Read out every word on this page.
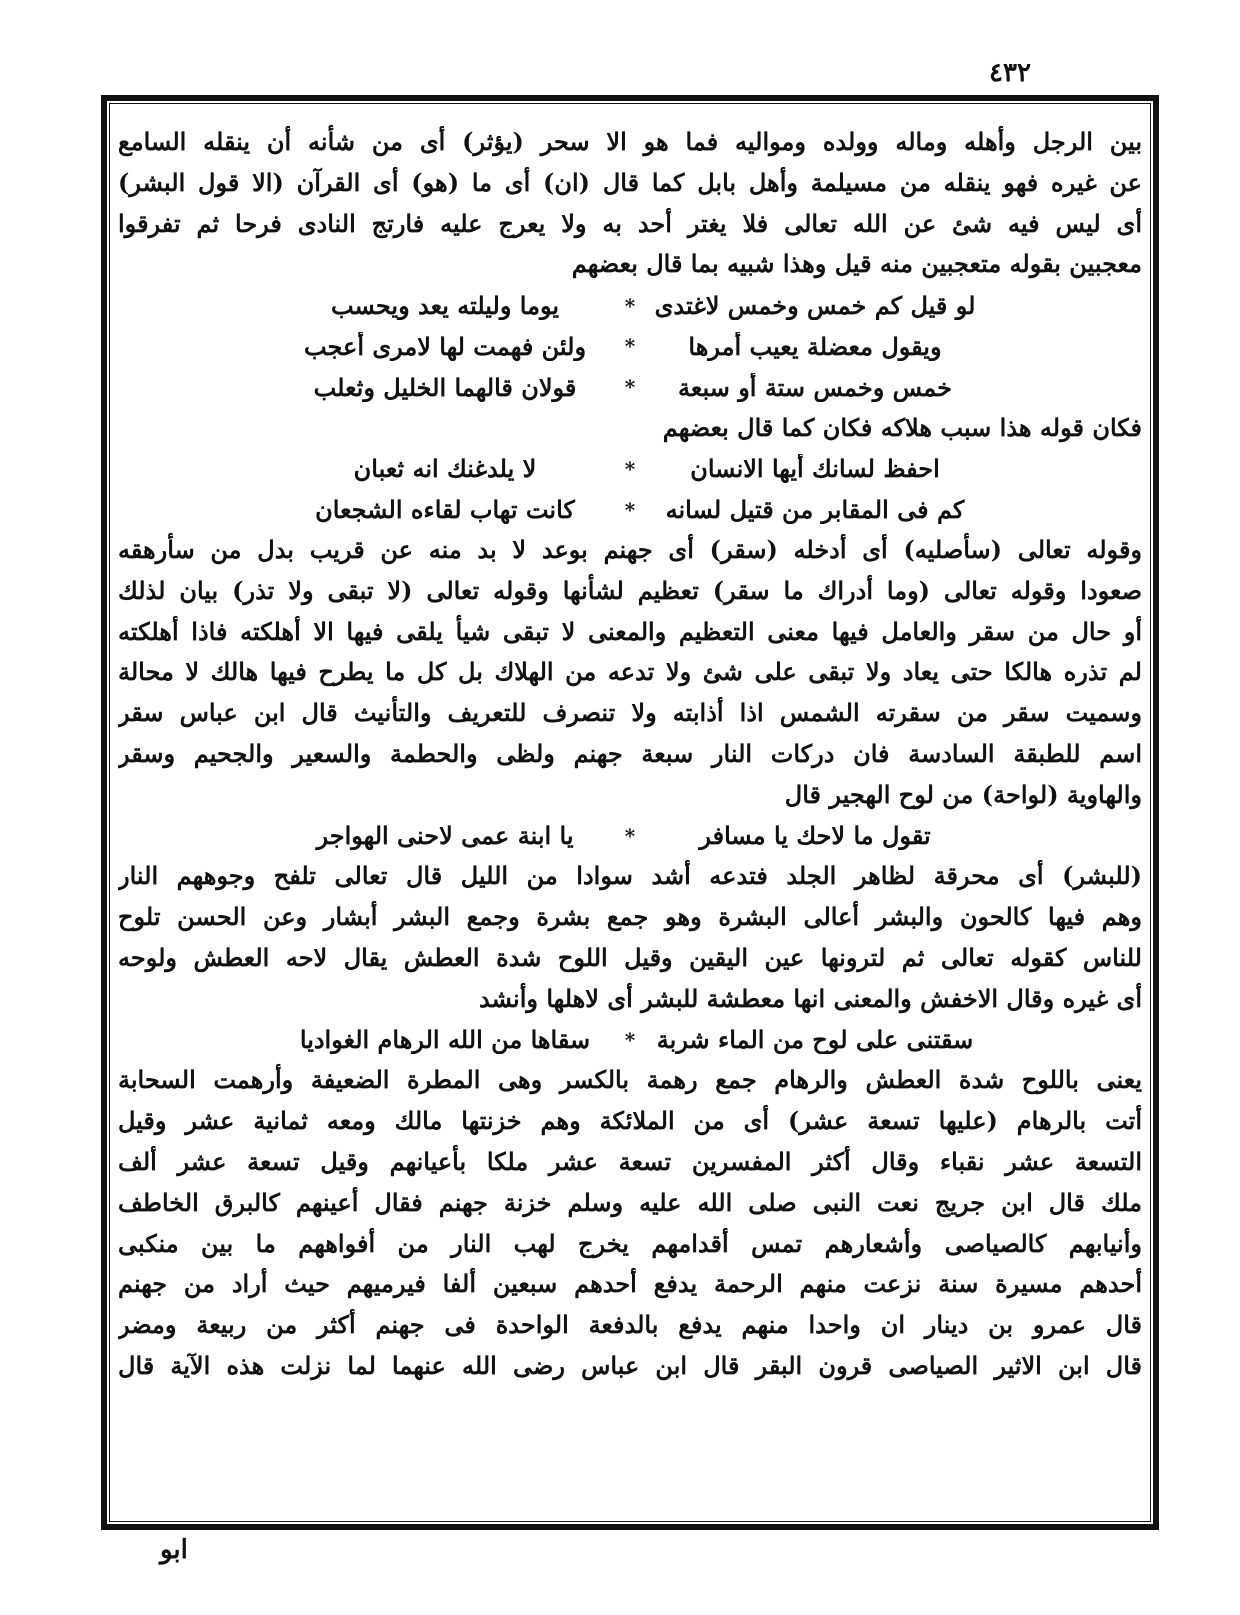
٤٣٢
بين الرجل وأهله وماله وولده ومواليه فما هو الا سحر (يؤثر) أى من شأنه أن ينقله السامع
عن غيره فهو ينقله من مسيلمة وأهل بابل كما قال (ان) أى ما (هو) أى القرآن (الا قول البشر)
أى ليس فيه شئ عن الله تعالى فلا يغتر أحد به ولا يعرج عليه فارتج النادى فرحا ثم تفرقوا
معجبين بقوله متعجبين منه قيل وهذا شبيه بما قال بعضهم
لو قيل كم خمس وخمس لاغتدى
*
يوما وليلته يعد ويحسب
ويقول معضلة يعيب أمرها
*
ولئن فهمت لها لامرى أعجب
خمس وخمس ستة أو سبعة
*
قولان قالهما الخليل وثعلب
فكان قوله هذا سبب هلاكه فكان كما قال بعضهم
احفظ لسانك أيها الانسان
*
لا يلدغنك انه ثعبان
كم فى المقابر من قتيل لسانه
*
كانت تهاب لقاءه الشجعان
وقوله تعالى (سأصليه) أى أدخله (سقر) أى جهنم بوعد لا بد منه عن قريب بدل من سأرهقه
صعودا وقوله تعالى (وما أدراك ما سقر) تعظيم لشأنها وقوله تعالى (لا تبقى ولا تذر) بيان لذلك
أو حال من سقر والعامل فيها معنى التعظيم والمعنى لا تبقى شيأ يلقى فيها الا أهلكته فاذا أهلكته
لم تذره هالكا حتى يعاد ولا تبقى على شئ ولا تدعه من الهلاك بل كل ما يطرح فيها هالك لا محالة
وسميت سقر من سقرته الشمس اذا أذابته ولا تنصرف للتعريف والتأنيث قال ابن عباس سقر
اسم للطبقة السادسة فان دركات النار سبعة جهنم ولظى والحطمة والسعير والجحيم وسقر
والهاوية (لواحة) من لوح الهجير قال
تقول ما لاحك يا مسافر
*
يا ابنة عمى لاحنى الهواجر
(للبشر) أى محرقة لظاهر الجلد فتدعه أشد سوادا من الليل قال تعالى تلفح وجوههم النار
وهم فيها كالحون والبشر أعالى البشرة وهو جمع بشرة وجمع البشر أبشار وعن الحسن تلوح
للناس كقوله تعالى ثم لترونها عين اليقين وقيل اللوح شدة العطش يقال لاحه العطش ولوحه
أى غيره وقال الاخفش والمعنى انها معطشة للبشر أى لاهلها وأنشد
سقتنى على لوح من الماء شربة
*
سقاها من الله الرهام الغواديا
يعنى باللوح شدة العطش والرهام جمع رهمة بالكسر وهى المطرة الضعيفة وأرهمت السحابة
أتت بالرهام (عليها تسعة عشر) أى من الملائكة وهم خزنتها مالك ومعه ثمانية عشر وقيل
التسعة عشر نقباء وقال أكثر المفسرين تسعة عشر ملكا بأعيانهم وقيل تسعة عشر ألف
ملك قال ابن جريج نعت النبى صلى الله عليه وسلم خزنة جهنم فقال أعينهم كالبرق الخاطف
وأنيابهم كالصياصى وأشعارهم تمس أقدامهم يخرج لهب النار من أفواههم ما بين منكبى
أحدهم مسيرة سنة نزعت منهم الرحمة يدفع أحدهم سبعين ألفا فيرميهم حيث أراد من جهنم
قال عمرو بن دينار ان واحدا منهم يدفع بالدفعة الواحدة فى جهنم أكثر من ربيعة ومضر
قال ابن الاثير الصياصى قرون البقر قال ابن عباس رضى الله عنهما لما نزلت هذه الآية قال
ابو
